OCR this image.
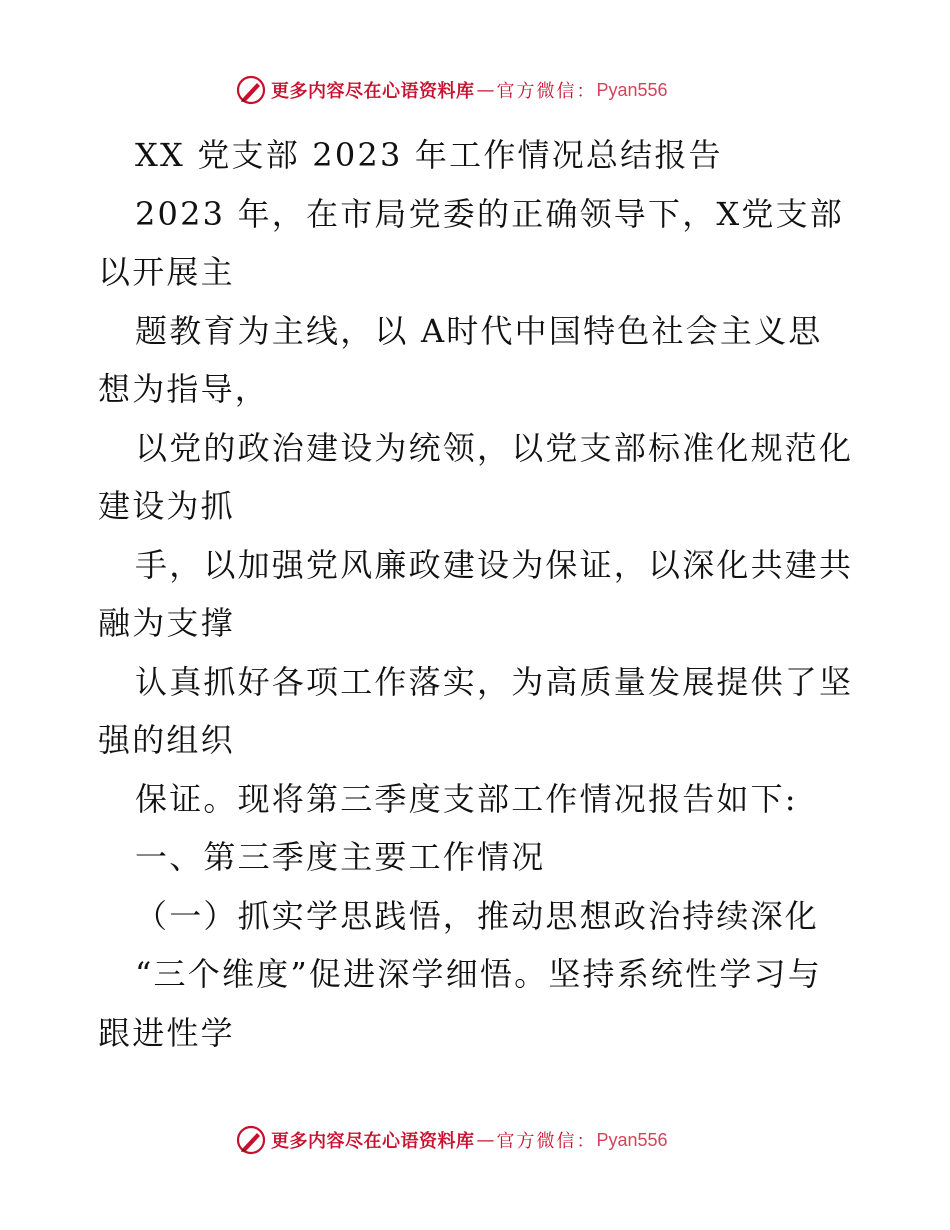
更多内容尽在心语资料库 — 官方微信： Pyan556
XX 党支部 2023 年工作情况总结报告
2023 年，在市局党委的正确领导下，X党支部
以开展主
题教育为主线，以 A时代中国特色社会主义思
想为指导，
以党的政治建设为统领，以党支部标准化规范化
建设为抓
手，以加强党风廉政建设为保证，以深化共建共
融为支撑
认真抓好各项工作落实，为高质量发展提供了坚
强的组织
保证。现将第三季度支部工作情况报告如下:
一、第三季度主要工作情况
（一）抓实学思践悟，推动思想政治持续深化
“三个维度”促进深学细悟。坚持系统性学习与
跟进性学
更多内容尽在心语资料库 — 官方微信： Pyan556
